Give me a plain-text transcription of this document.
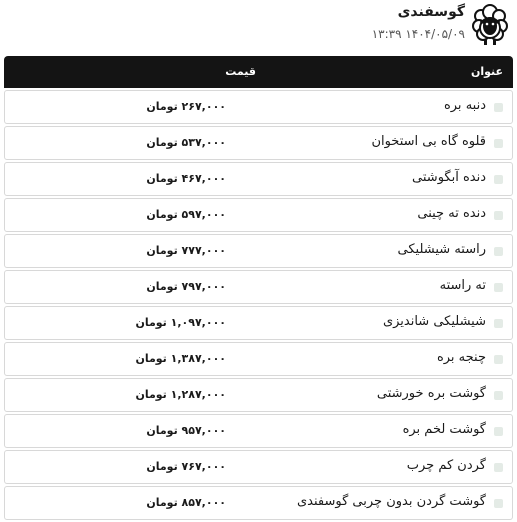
گوسفندی
۱۴۰۴/۰۵/۰۹ ۱۳:۳۹
عنوان
قیمت
دنبه بره
۲۶۷,۰۰۰ تومان
قلوه گاه بی استخوان
۵۳۷,۰۰۰ تومان
دنده آبگوشتی
۴۶۷,۰۰۰ تومان
دنده ته چینی
۵۹۷,۰۰۰ تومان
راسته شیشلیکی
۷۷۷,۰۰۰ تومان
ته راسته
۷۹۷,۰۰۰ تومان
شیشلیکی شاندیزی
۱,۰۹۷,۰۰۰ تومان
چنجه بره
۱,۳۸۷,۰۰۰ تومان
گوشت بره خورشتی
۱,۲۸۷,۰۰۰ تومان
گوشت لخم بره
۹۵۷,۰۰۰ تومان
گردن کم چرب
۷۶۷,۰۰۰ تومان
گوشت گردن بدون چربی گوسفندی
۸۵۷,۰۰۰ تومان
